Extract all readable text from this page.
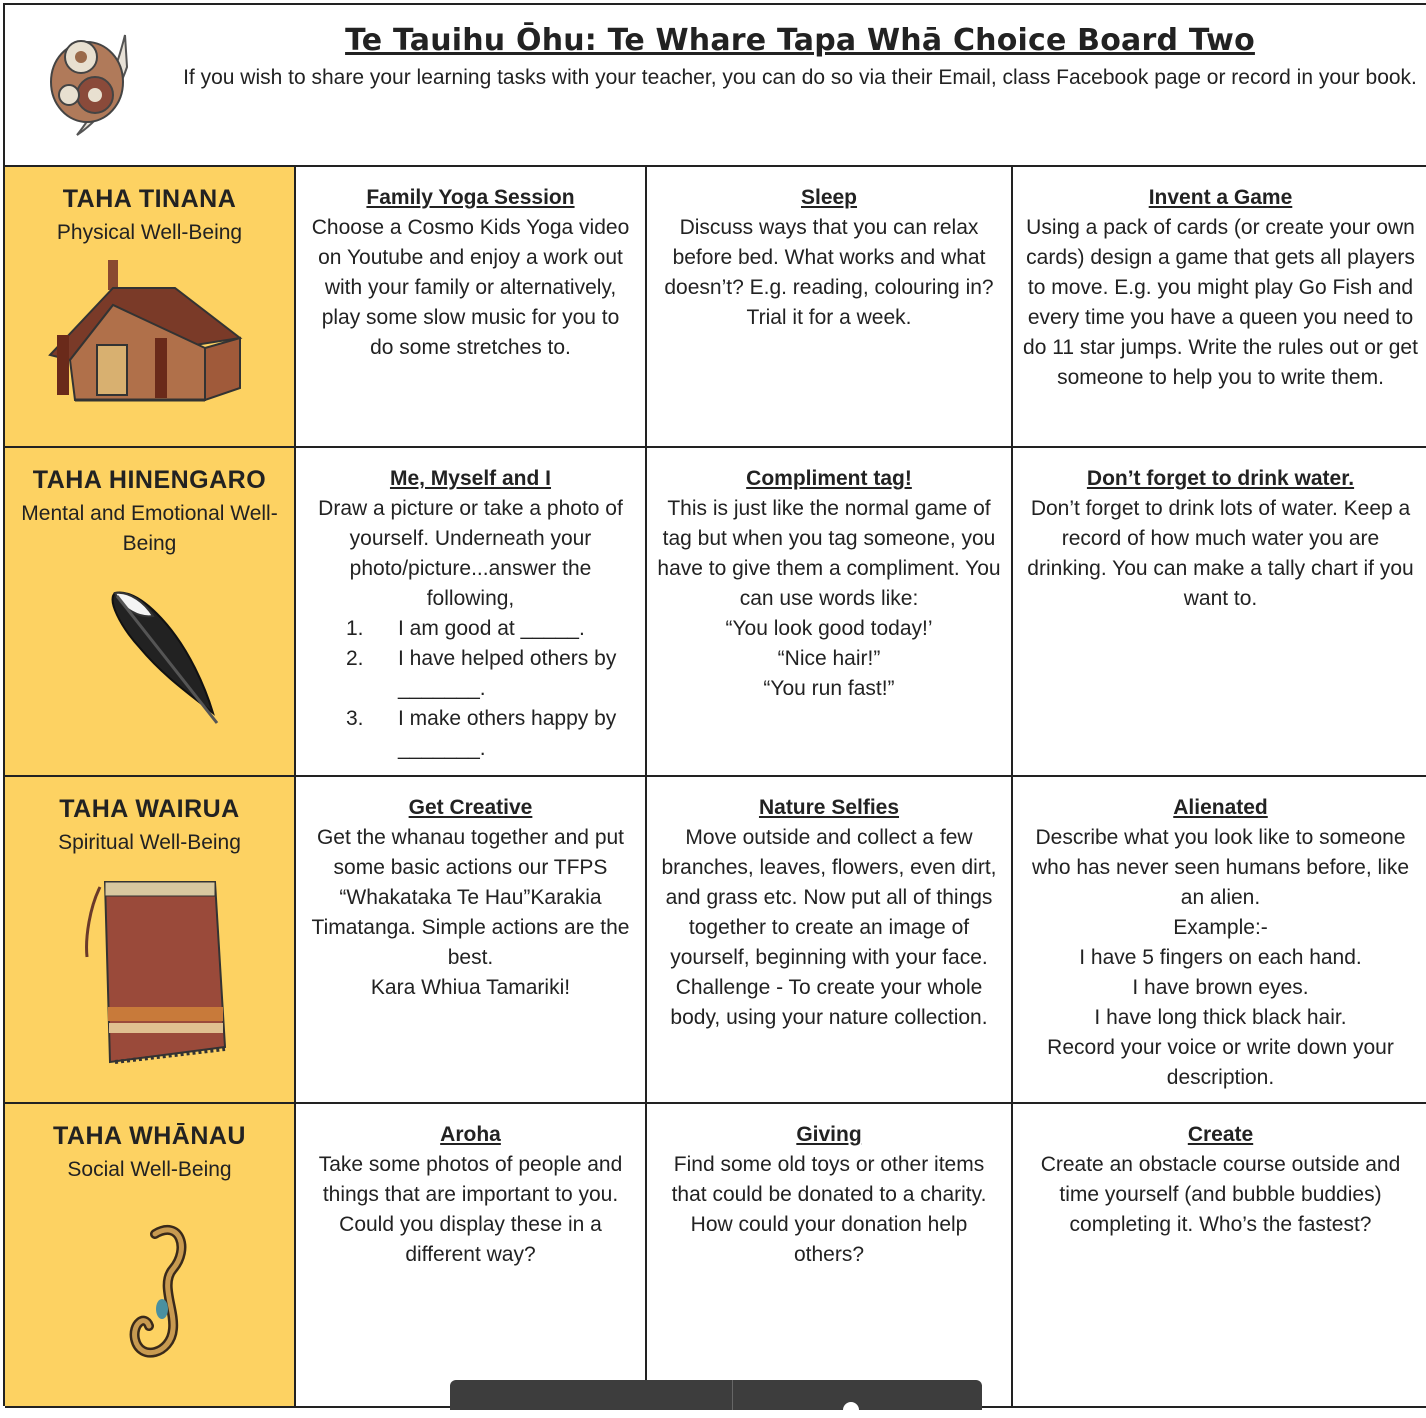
Te Tauihu Ōhu: Te Whare Tapa Whā Choice Board Two
If you wish to share your learning tasks with your teacher, you can do so via their Email, class Facebook page or record in your book.
TAHA TINANA
Physical Well-Being
Family Yoga Session
Choose a Cosmo Kids Yoga video on Youtube and enjoy a work out with your family or alternatively, play some slow music for you to do some stretches to.
Sleep
Discuss ways that you can relax before bed. What works and what doesn’t? E.g. reading, colouring in? Trial it for a week.
Invent a Game
Using a pack of cards (or create your own cards) design a game that gets all players to move. E.g. you might play Go Fish and every time you have a queen you need to do 11 star jumps. Write the rules out or get someone to help you to write them.
TAHA HINENGARO
Mental and Emotional Well-Being
Me, Myself and I
Draw a picture or take a photo of yourself. Underneath your photo/picture...answer the following,
1.	I am good at _____.
2.	I have helped others by _______.
3.	I make others happy by _______.
Compliment tag!
This is just like the normal game of tag but when you tag someone, you have to give them a compliment. You can use words like:
“You look good today!’
“Nice hair!”
“You run fast!”
Don’t forget to drink water.
Don’t forget to drink lots of water. Keep a record of how much water you are drinking. You can make a tally chart if you want to.
TAHA WAIRUA
Spiritual Well-Being
Get Creative
Get the whanau together and put some basic actions our TFPS “Whakataka Te Hau”Karakia Timatanga. Simple actions are the best.
Kara Whiua Tamariki!
Nature Selfies
Move outside and collect a few branches, leaves, flowers, even dirt, and grass etc. Now put all of things together to create an image of yourself, beginning with your face. Challenge - To create your whole body, using your nature collection.
Alienated
Describe what you look like to someone who has never seen humans before, like an alien.
Example:-
I have 5 fingers on each hand.
I have brown eyes.
I have long thick black hair.
Record your voice or write down your description.
TAHA WHĀNAU
Social Well-Being
Aroha
Take some photos of people and things that are important to you. Could you display these in a different way?
Giving
Find some old toys or other items that could be donated to a charity. How could your donation help others?
Create
Create an obstacle course outside and time yourself (and bubble buddies) completing it. Who’s the fastest?
